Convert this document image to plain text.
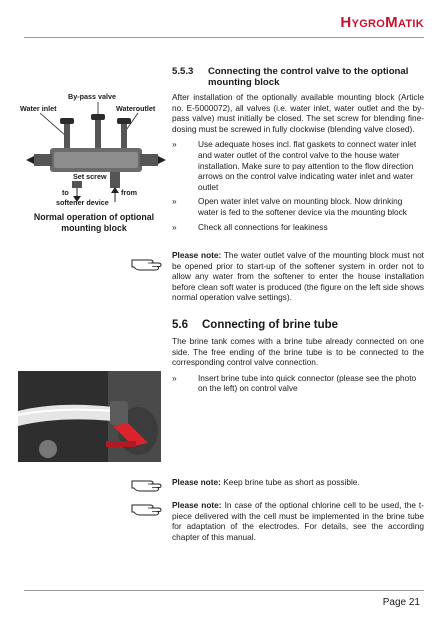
HYGROMATIK
By-pass valve
Water inlet	Wateroutlet
Set screw
to	from
softener device
Normal operation of optional mounting block
5.5.3	Connecting the control valve to the optional mounting block

After installation of the optionally available mounting block (Article no. E-5000072), all valves (i.e. water inlet, water outlet and the by-pass valve) must initially be closed. The set screw for blending fine-dosing must be screwed in fully clockwise (blending valve closed).

»	Use adequate hoses incl. flat gaskets to connect water inlet and water outlet of the control valve to the house water installation. Make sure to pay attention to the flow direction arrows on the control valve indicating water inlet and water outlet
»	Open water inlet valve on mounting block. Now drinking water is fed to the softener device via the mounting block
»	Check all connections for leakiness

Please note: The water outlet valve of the mounting block must not be opened prior to start-up of the softener system in order not to allow any water from the softener to enter the house installation before clean soft water is produced (the figure on the left side shows normal operation valve settings).

5.6	Connecting of brine tube

The brine tank comes with a brine tube already connected on one side. The free ending of the brine tube is to be connected to the corresponding control valve connection.

»	Insert brine tube into quick connector (please see the photo on the left) on control valve

Please note: Keep brine tube as short as possible.

Please note: In case of the optional chlorine cell to be used, the t-piece delivered with the cell must be implemented in the brine tube for adaptation of the electrodes. For details, see the according chapter of this manual.

Page 21
